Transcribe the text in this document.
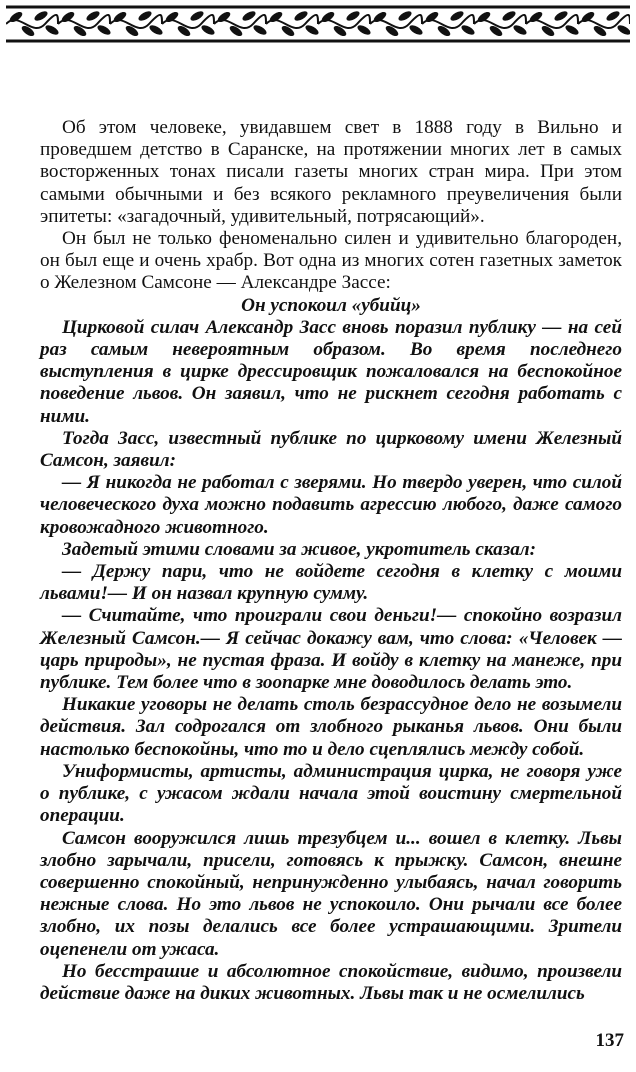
Об этом человеке, увидавшем свет в 1888 году в Вильно и проведшем детство в Саранске, на протяжении многих лет в самых восторженных тонах писали газеты многих стран мира. При этом самыми обычными и без всякого рекламного преувеличения были эпитеты: «загадочный, удивительный, потрясающий».

Он был не только феноменально силен и удивительно благороден, он был еще и очень храбр. Вот одна из многих сотен газетных заметок о Железном Самсоне — Александре Зассе:

Он успокоил «убийц»

Цирковой силач Александр Засс вновь поразил публику — на сей раз самым невероятным образом. Во время последнего выступления в цирке дрессировщик пожаловался на беспокойное поведение львов. Он заявил, что не рискнет сегодня работать с ними.

Тогда Засс, известный публике по цирковому имени Железный Самсон, заявил:

— Я никогда не работал с зверями. Но твердо уверен, что силой человеческого духа можно подавить агрессию любого, даже самого кровожадного животного.

Задетый этими словами за живое, укротитель сказал:

— Держу пари, что не войдете сегодня в клетку с моими львами!— И он назвал крупную сумму.

— Считайте, что проиграли свои деньги!— спокойно возразил Железный Самсон.— Я сейчас докажу вам, что слова: «Человек — царь природы», не пустая фраза. И войду в клетку на манеже, при публике. Тем более что в зоопарке мне доводилось делать это.

Никакие уговоры не делать столь безрассудное дело не возымели действия. Зал содрогался от злобного рыканья львов. Они были настолько беспокойны, что то и дело сцеплялись между собой.

Униформисты, артисты, администрация цирка, не говоря уже о публике, с ужасом ждали начала этой воистину смертельной операции.

Самсон вооружился лишь трезубцем и... вошел в клетку. Львы злобно зарычали, присели, готовясь к прыжку. Самсон, внешне совершенно спокойный, непринужденно улыбаясь, начал говорить нежные слова. Но это львов не успокоило. Они рычали все более злобно, их позы делались все более устрашающими. Зрители оцепенели от ужаса.

Но бесстрашие и абсолютное спокойствие, видимо, произвели действие даже на диких животных. Львы так и не осмелились

137
